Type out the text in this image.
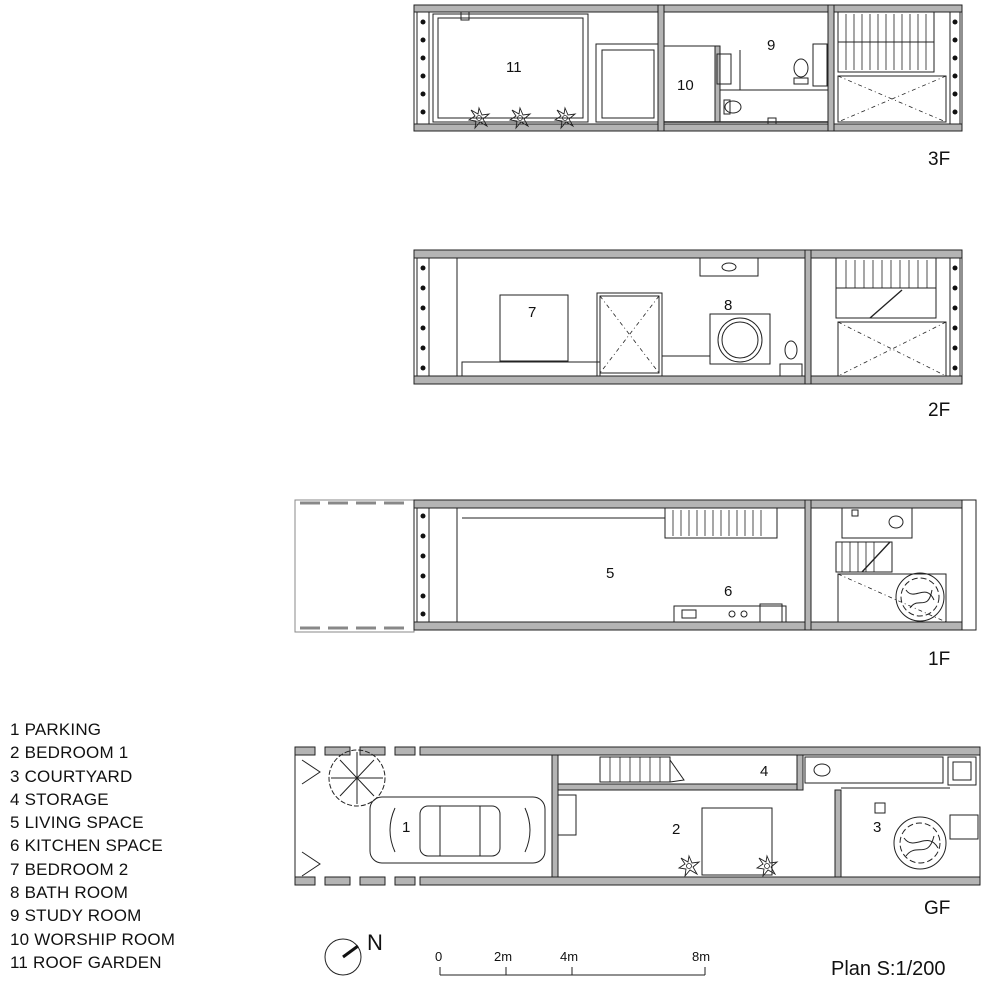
11
10
9
7	8
5
6
1	2
4
3
3F
2F
1F
GF
N
0	2m	4m	8m
Plan S:1/200
1 PARKING
2 BEDROOM 1
3 COURTYARD
4 STORAGE
5 LIVING SPACE
6 KITCHEN SPACE
7 BEDROOM 2
8 BATH ROOM
9 STUDY ROOM
10 WORSHIP ROOM
11 ROOF GARDEN
